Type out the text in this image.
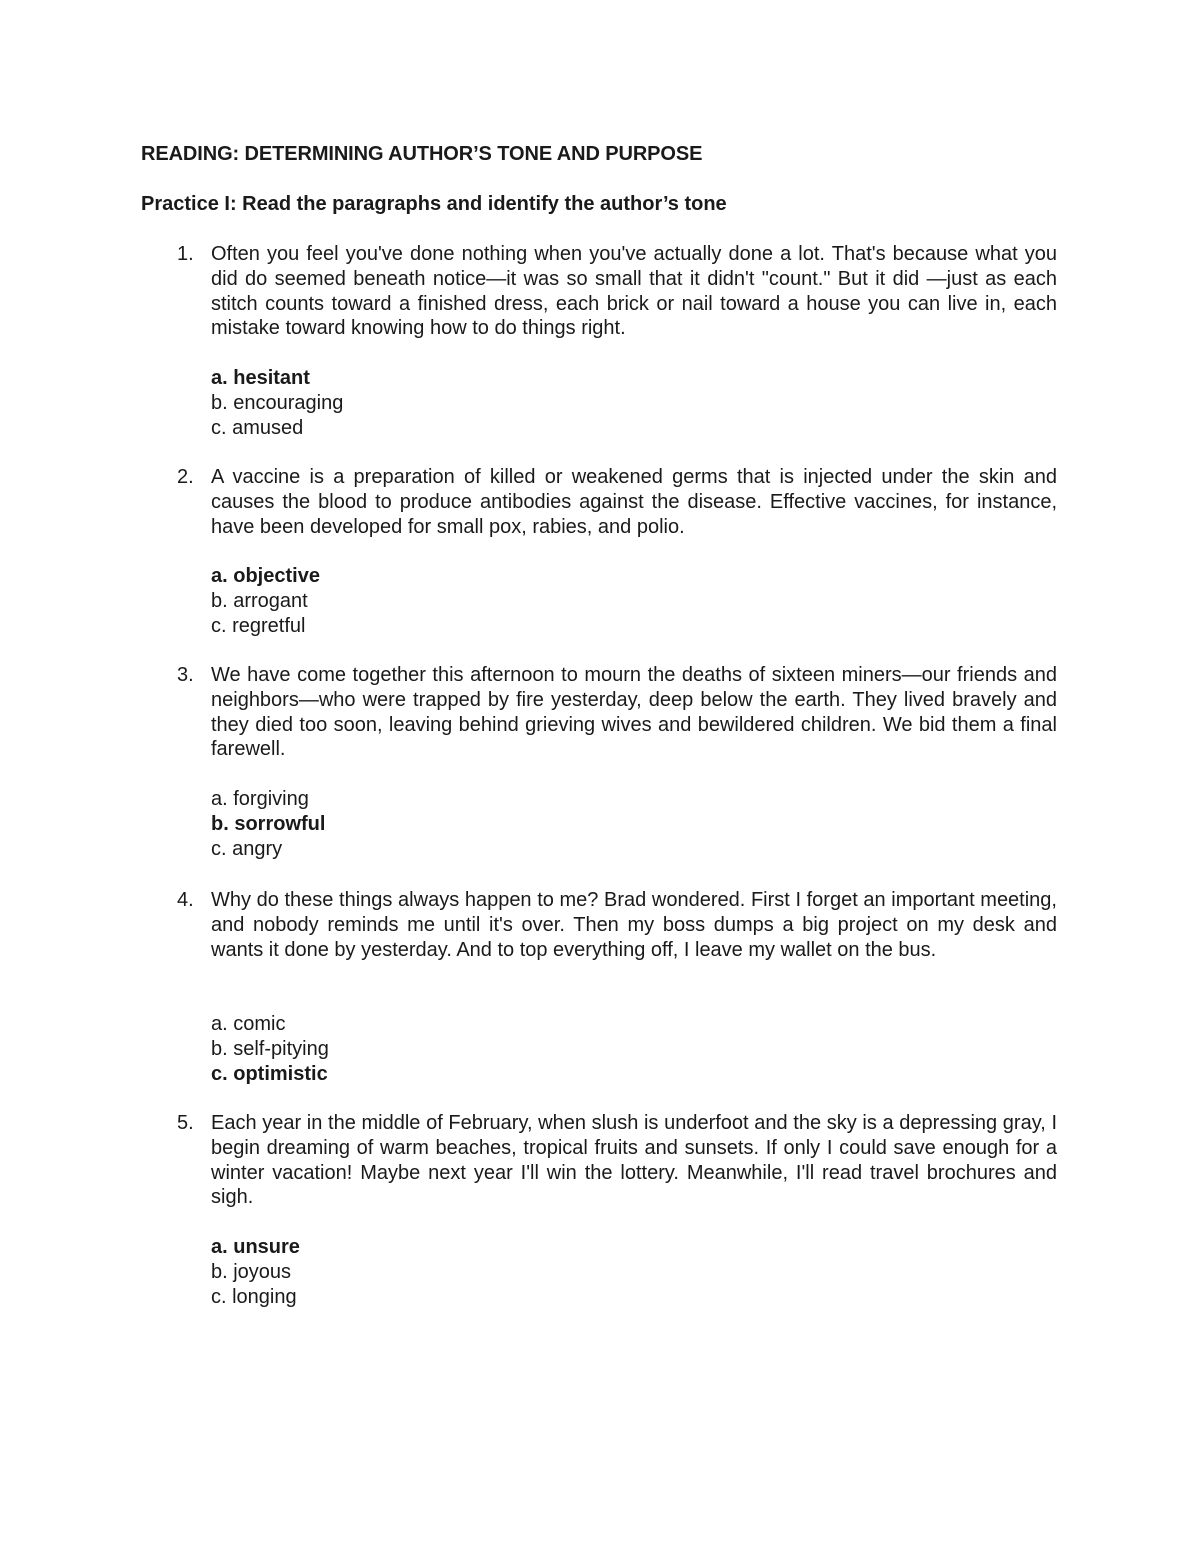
READING: DETERMINING AUTHOR’S TONE AND PURPOSE
Practice I: Read the paragraphs and identify the author’s tone
1. Often you feel you've done nothing when you've actually done a lot. That's because what you did do seemed beneath notice—it was so small that it didn't "count." But it did —just as each stitch counts toward a finished dress, each brick or nail toward a house you can live in, each mistake toward knowing how to do things right.
a. hesitant
b. encouraging
c. amused
2. A vaccine is a preparation of killed or weakened germs that is injected under the skin and causes the blood to produce antibodies against the disease. Effective vaccines, for instance, have been developed for small pox, rabies, and polio.
a. objective
b. arrogant
c. regretful
3. We have come together this afternoon to mourn the deaths of sixteen miners—our friends and neighbors—who were trapped by fire yesterday, deep below the earth. They lived bravely and they died too soon, leaving behind grieving wives and bewildered children. We bid them a final farewell.
a. forgiving
b. sorrowful
c. angry
4. Why do these things always happen to me? Brad wondered. First I forget an important meeting, and nobody reminds me until it's over. Then my boss dumps a big project on my desk and wants it done by yesterday. And to top everything off, I leave my wallet on the bus.
a. comic
b. self-pitying
c. optimistic
5. Each year in the middle of February, when slush is underfoot and the sky is a depressing gray, I begin dreaming of warm beaches, tropical fruits and sunsets. If only I could save enough for a winter vacation! Maybe next year I'll win the lottery. Meanwhile, I'll read travel brochures and sigh.
a. unsure
b. joyous
c. longing
